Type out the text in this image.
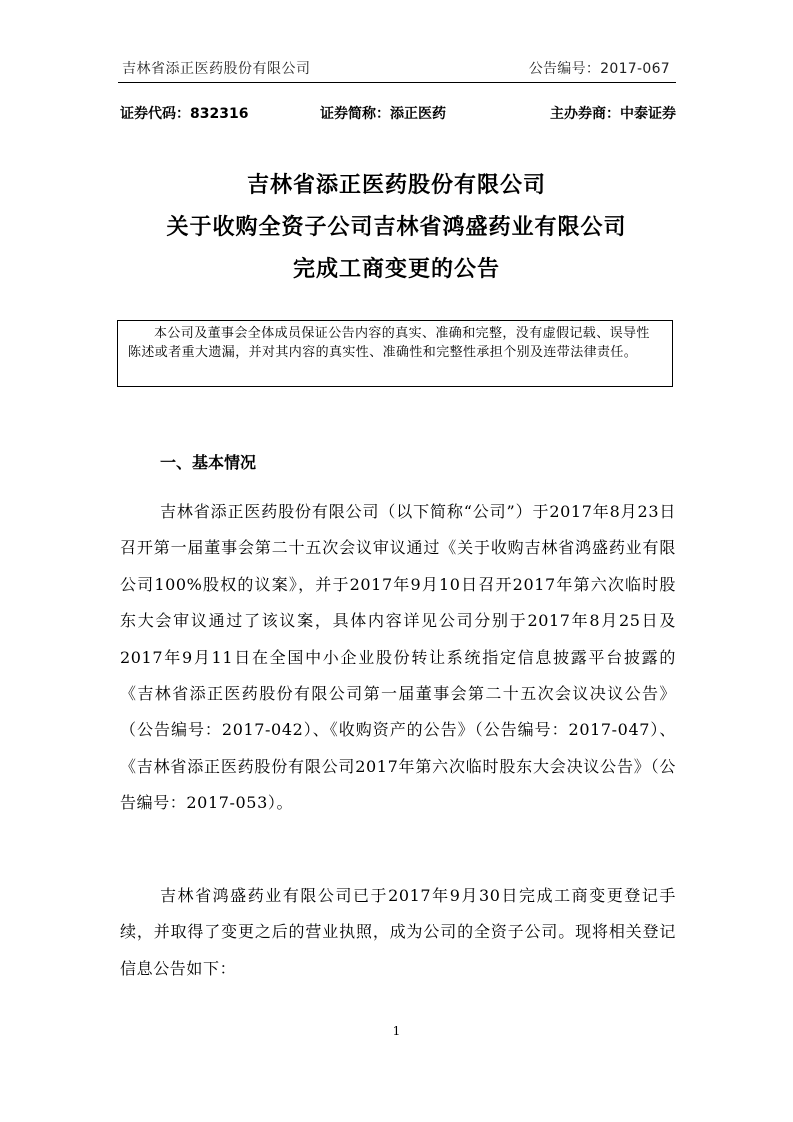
吉林省添正医药股份有限公司	公告编号：2017-067
证券代码：832316	证券简称：添正医药	主办券商：中泰证券
吉林省添正医药股份有限公司
关于收购全资子公司吉林省鸿盛药业有限公司
完成工商变更的公告
本公司及董事会全体成员保证公告内容的真实、准确和完整，没有虚假记载、误导性陈述或者重大遗漏，并对其内容的真实性、准确性和完整性承担个别及连带法律责任。
一、基本情况
吉林省添正医药股份有限公司（以下简称“公司”）于2017年8月23日召开第一届董事会第二十五次会议审议通过《关于收购吉林省鸿盛药业有限公司100%股权的议案》，并于2017年9月10日召开2017年第六次临时股东大会审议通过了该议案，具体内容详见公司分别于2017年8月25日及2017年9月11日在全国中小企业股份转让系统指定信息披露平台披露的《吉林省添正医药股份有限公司第一届董事会第二十五次会议决议公告》（公告编号：2017-042）、《收购资产的公告》（公告编号：2017-047）、《吉林省添正医药股份有限公司2017年第六次临时股东大会决议公告》（公告编号：2017-053）。
吉林省鸿盛药业有限公司已于2017年9月30日完成工商变更登记手续，并取得了变更之后的营业执照，成为公司的全资子公司。现将相关登记信息公告如下：
1
